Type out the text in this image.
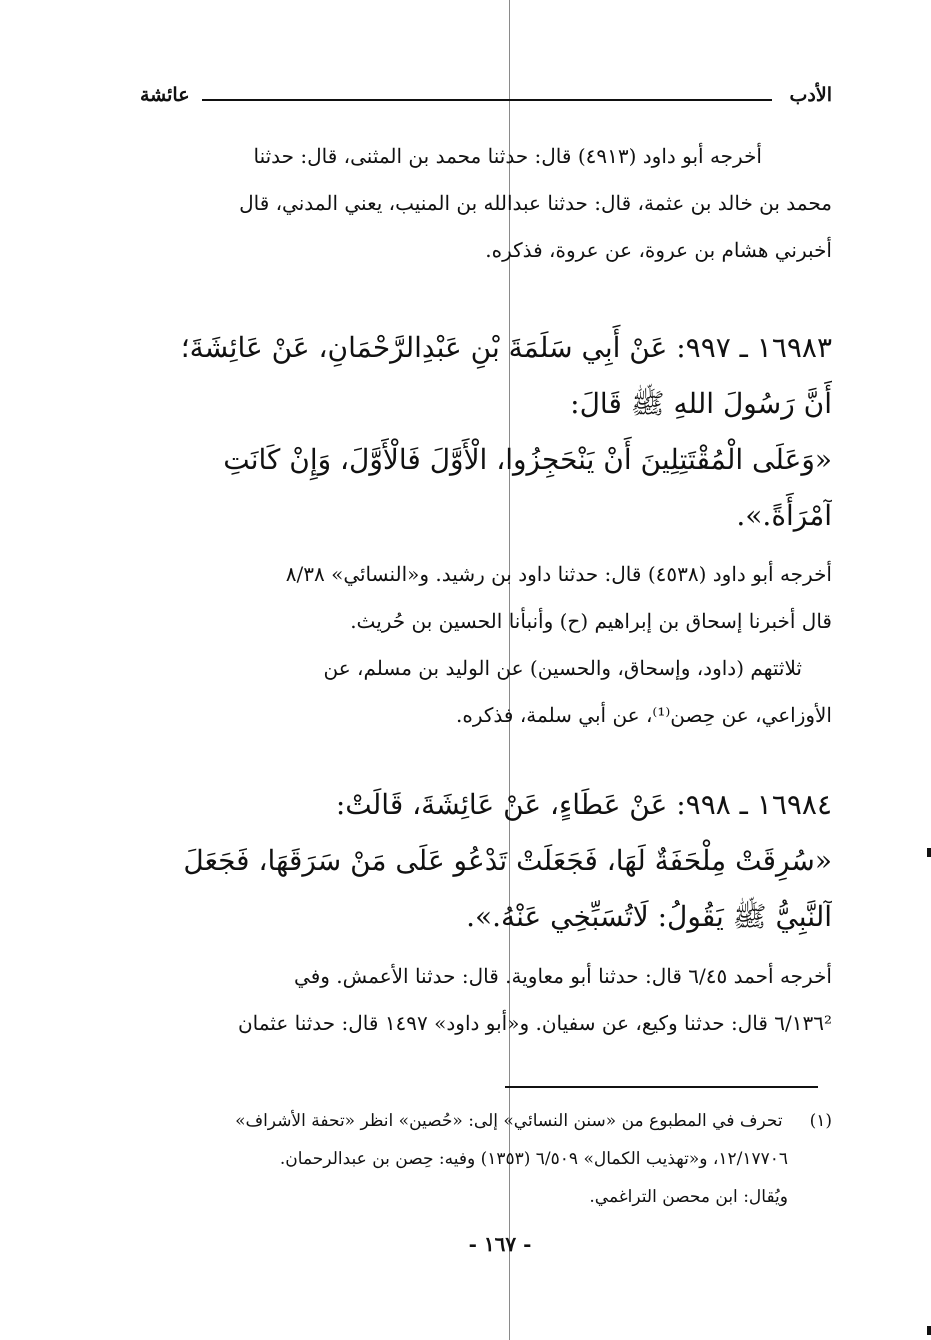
الأدب
عائشة
أخرجه أبو داود (٤٩١٣) قال: حدثنا محمد بن المثنى، قال: حدثنا
محمد بن خالد بن عثمة، قال: حدثنا عبدالله بن المنيب، يعني المدني، قال
أخبرني هشام بن عروة، عن عروة، فذكره.
١٦٩٨٣ ـ ٩٩٧: عَنْ أَبِي سَلَمَةَ بْنِ عَبْدِالرَّحْمَانِ، عَنْ عَائِشَةَ؛
أَنَّ رَسُولَ اللهِ ﷺ قَالَ:
«وَعَلَى الْمُقْتَتِلِينَ أَنْ يَنْحَجِزُوا، الْأَوَّلَ فَالْأَوَّلَ، وَإِنْ كَانَتِ
آمْرَأَةً.».
أخرجه أبو داود (٤٥٣٨) قال: حدثنا داود بن رشيد. و«النسائي» ٨/٣٨
قال أخبرنا إسحاق بن إبراهيم (ح) وأنبأنا الحسين بن حُريث.
ثلاثتهم (داود، وإسحاق، والحسين) عن الوليد بن مسلم، عن
الأوزاعي، عن حِصن⁽¹⁾، عن أبي سلمة، فذكره.
١٦٩٨٤ ـ ٩٩٨: عَنْ عَطَاءٍ، عَنْ عَائِشَةَ، قَالَتْ:
«سُرِقَتْ مِلْحَفَةٌ لَهَا، فَجَعَلَتْ تَدْعُو عَلَى مَنْ سَرَقَهَا، فَجَعَلَ
آلنَّبِيُّ ﷺ يَقُولُ: لَاتُسَبِّخِي عَنْهُ.».
أخرجه أحمد ٦/٤٥ قال: حدثنا أبو معاوية. قال: حدثنا الأعمش. وفي
٦/١٣٦² قال: حدثنا وكيع، عن سفيان. و«أبو داود» ١٤٩٧ قال: حدثنا عثمان
(١) تحرف في المطبوع من «سنن النسائي» إلى: «حُصين» انظر «تحفة الأشراف»
١٢/١٧٧٠٦، و«تهذيب الكمال» ٦/٥٠٩ (١٣٥٣) وفيه: حِصن بن عبدالرحمان.
ويُقال: ابن محصن التراغمي.
- ١٦٧ -
